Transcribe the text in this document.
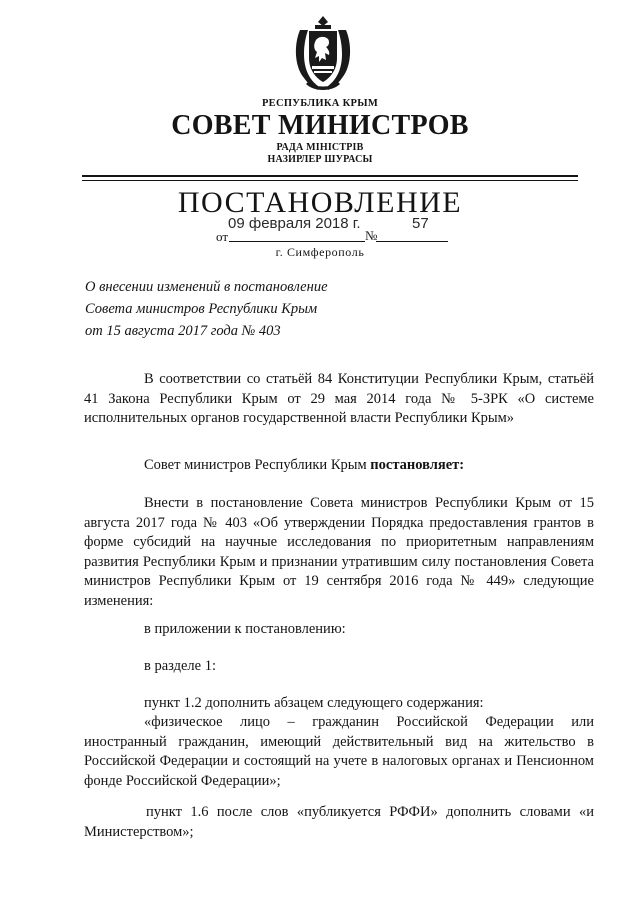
РЕСПУБЛИКА КРЫМ
СОВЕТ МИНИСТРОВ
РАДА МІНІСТРІВ
НАЗИРЛЕР ШУРАСЫ
ПОСТАНОВЛЕНИЕ
09 февраля 2018 г.	57
от	№
г. Симферополь
О внесении изменений в постановление
Совета министров Республики Крым
от 15 августа 2017 года № 403
В соответствии со статьёй 84 Конституции Республики Крым, статьёй 41 Закона Республики Крым от 29 мая 2014 года № 5-ЗРК «О системе исполнительных органов государственной власти Республики Крым»
Совет министров Республики Крым постановляет:
Внести в постановление Совета министров Республики Крым от 15 августа 2017 года № 403 «Об утверждении Порядка предоставления грантов в форме субсидий на научные исследования по приоритетным направлениям развития Республики Крым и признании утратившим силу постановления Совета министров Республики Крым от 19 сентября 2016 года № 449» следующие изменения:
в приложении к постановлению:
в разделе 1:
пункт 1.2 дополнить абзацем следующего содержания:
«физическое лицо – гражданин Российской Федерации или иностранный гражданин, имеющий действительный вид на жительство в Российской Федерации и состоящий на учете в налоговых органах и Пенсионном фонде Российской Федерации»;
пункт 1.6 после слов «публикуется РФФИ» дополнить словами «и Министерством»;
